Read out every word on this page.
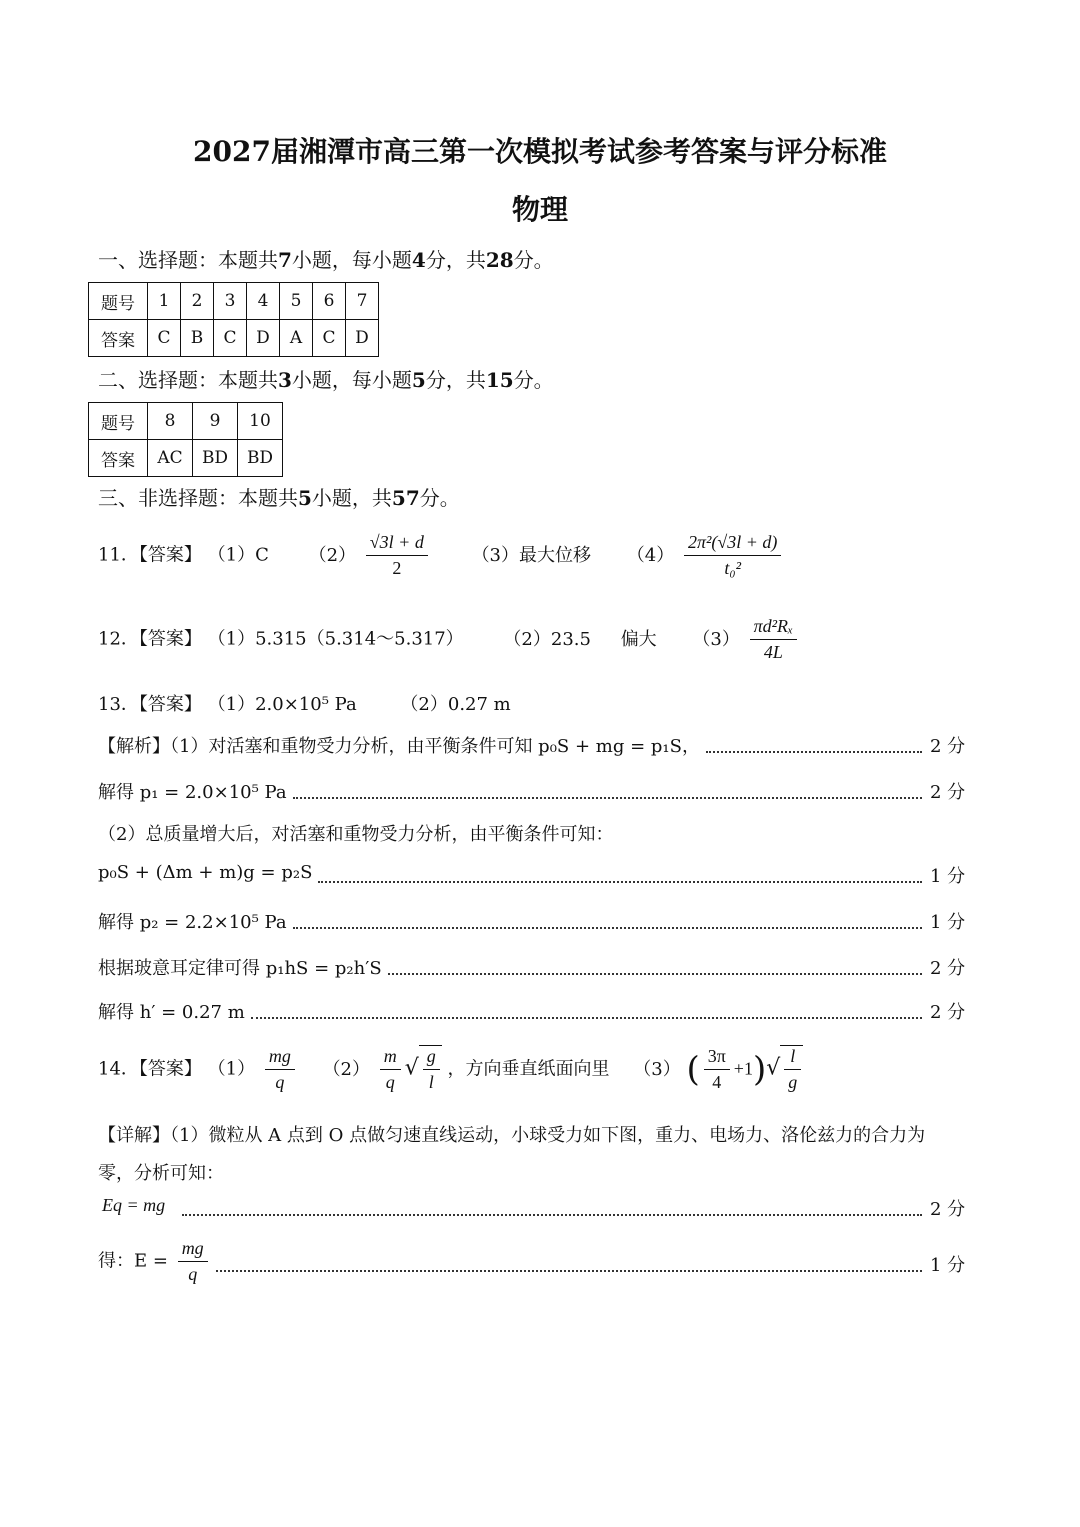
2027届湘潭市高三第一次模拟考试参考答案与评分标准
物理
一、选择题：本题共7小题，每小题4分，共28分。
题号	1	2	3	4	5	6	7
答案	C	B	C	D	A	C	D
二、选择题：本题共3小题，每小题5分，共15分。
题号	8	9	10
答案	AC	BD	BD
三、非选择题：本题共5小题，共57分。
11．【答案】 （1）C $(2) \frac{√3l + d}{2} (3)$最大位移 $(4) \frac{\text{2π²(√3l + d)}}{\text{t₀²}}$
12．【答案】 （1）5.315（5.314～5.317） （2）23.5 偏大 $(3) \frac{\text{πd²Rₓ}}{4L}$
13．【答案】 （1）2.0×10⁵ Pa （2）0.27 m
【解析】（1）对活塞和重物受力分析，由平衡条件可知 p₀S + mg = p₁S，	2 分
解得 p₁ = 2.0×10⁵ Pa	2 分
（2）总质量增大后，对活塞和重物受力分析，由平衡条件可知：
p₀S + (Δm + m)g = p₂S	1 分
解得 p₂ = 2.2×10⁵ Pa	1 分
根据玻意耳定律可得 p₁hS = p₂h′S	2 分
解得 h′ = 0.27 m	2 分
14．【答案】 $(1) \frac{mg}{q} (2) \frac{m}{q}$ √ $\frac{g}{l}$ ，方向垂直纸面向里 （3） ( $\frac{3\pi}{4} +1)√ \frac{l}{g}$
【详解】（1）微粒从 A 点到 O 点做匀速直线运动，小球受力如下图，重力、电场力、洛伦兹力的合力为
零，分析可知：
Eq = mg	2 分
得：$E = \frac{mg}{q}$	1 分
